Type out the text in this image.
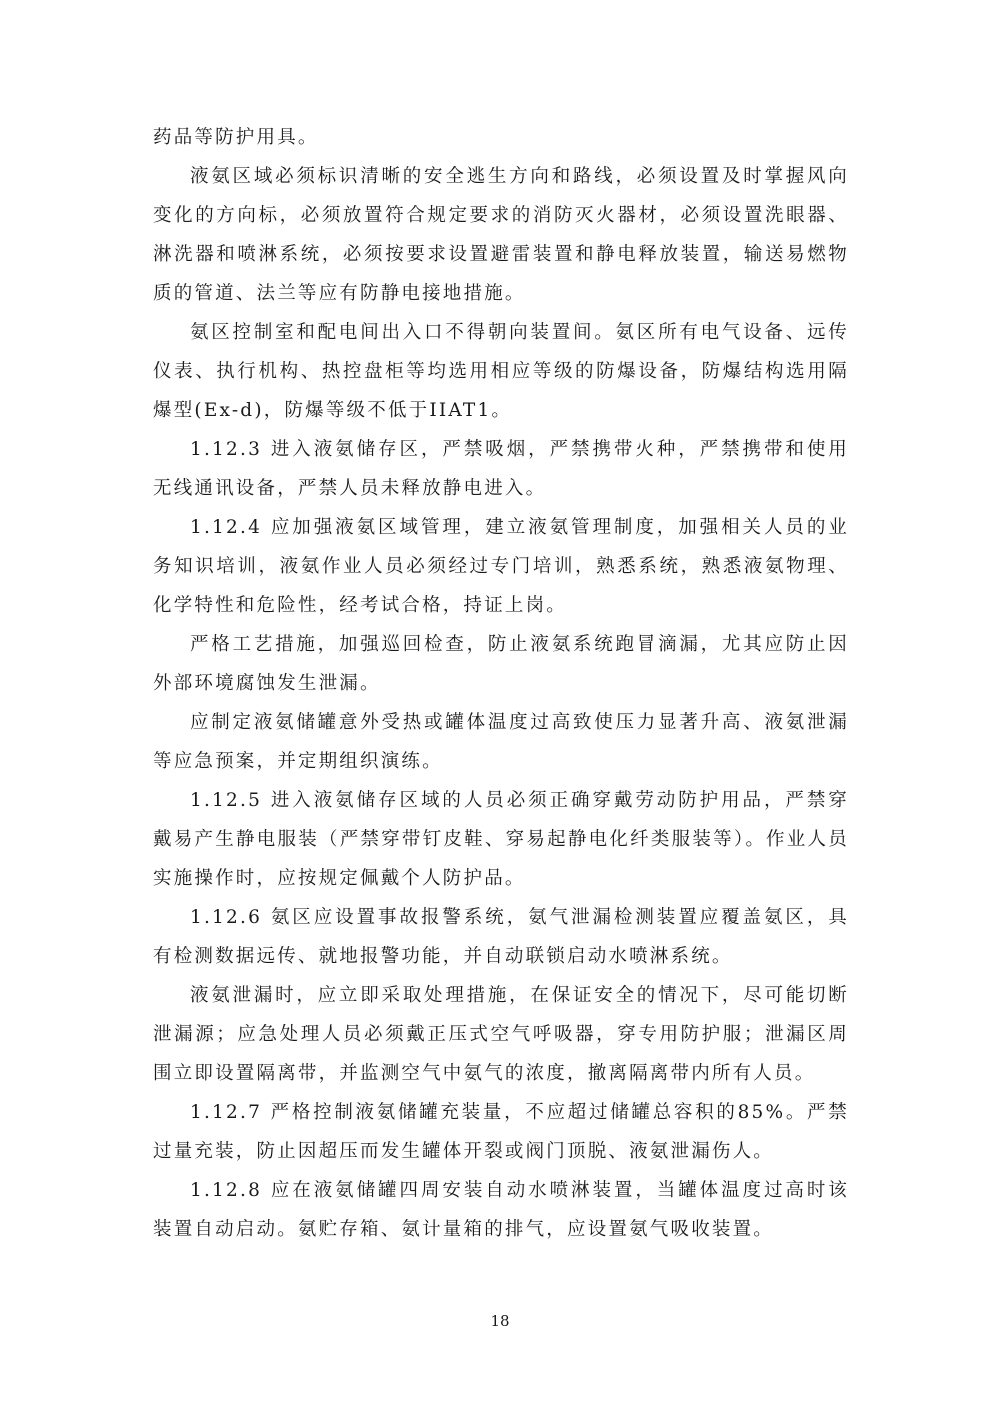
药品等防护用具。

液氨区域必须标识清晰的安全逃生方向和路线，必须设置及时掌握风向变化的方向标，必须放置符合规定要求的消防灭火器材，必须设置洗眼器、淋洗器和喷淋系统，必须按要求设置避雷装置和静电释放装置，输送易燃物质的管道、法兰等应有防静电接地措施。

氨区控制室和配电间出入口不得朝向装置间。氨区所有电气设备、远传仪表、执行机构、热控盘柜等均选用相应等级的防爆设备，防爆结构选用隔爆型(Ex-d)，防爆等级不低于IIAT1。

1.12.3 进入液氨储存区，严禁吸烟，严禁携带火种，严禁携带和使用无线通讯设备，严禁人员未释放静电进入。

1.12.4 应加强液氨区域管理，建立液氨管理制度，加强相关人员的业务知识培训，液氨作业人员必须经过专门培训，熟悉系统，熟悉液氨物理、化学特性和危险性，经考试合格，持证上岗。

严格工艺措施，加强巡回检查，防止液氨系统跑冒滴漏，尤其应防止因外部环境腐蚀发生泄漏。

应制定液氨储罐意外受热或罐体温度过高致使压力显著升高、液氨泄漏等应急预案，并定期组织演练。

1.12.5 进入液氨储存区域的人员必须正确穿戴劳动防护用品，严禁穿戴易产生静电服装（严禁穿带钉皮鞋、穿易起静电化纤类服装等）。作业人员实施操作时，应按规定佩戴个人防护品。

1.12.6 氨区应设置事故报警系统，氨气泄漏检测装置应覆盖氨区，具有检测数据远传、就地报警功能，并自动联锁启动水喷淋系统。

液氨泄漏时，应立即采取处理措施，在保证安全的情况下，尽可能切断泄漏源；应急处理人员必须戴正压式空气呼吸器，穿专用防护服；泄漏区周围立即设置隔离带，并监测空气中氨气的浓度，撤离隔离带内所有人员。

1.12.7 严格控制液氨储罐充装量，不应超过储罐总容积的85%。严禁过量充装，防止因超压而发生罐体开裂或阀门顶脱、液氨泄漏伤人。

1.12.8 应在液氨储罐四周安装自动水喷淋装置，当罐体温度过高时该装置自动启动。氨贮存箱、氨计量箱的排气，应设置氨气吸收装置。

18
